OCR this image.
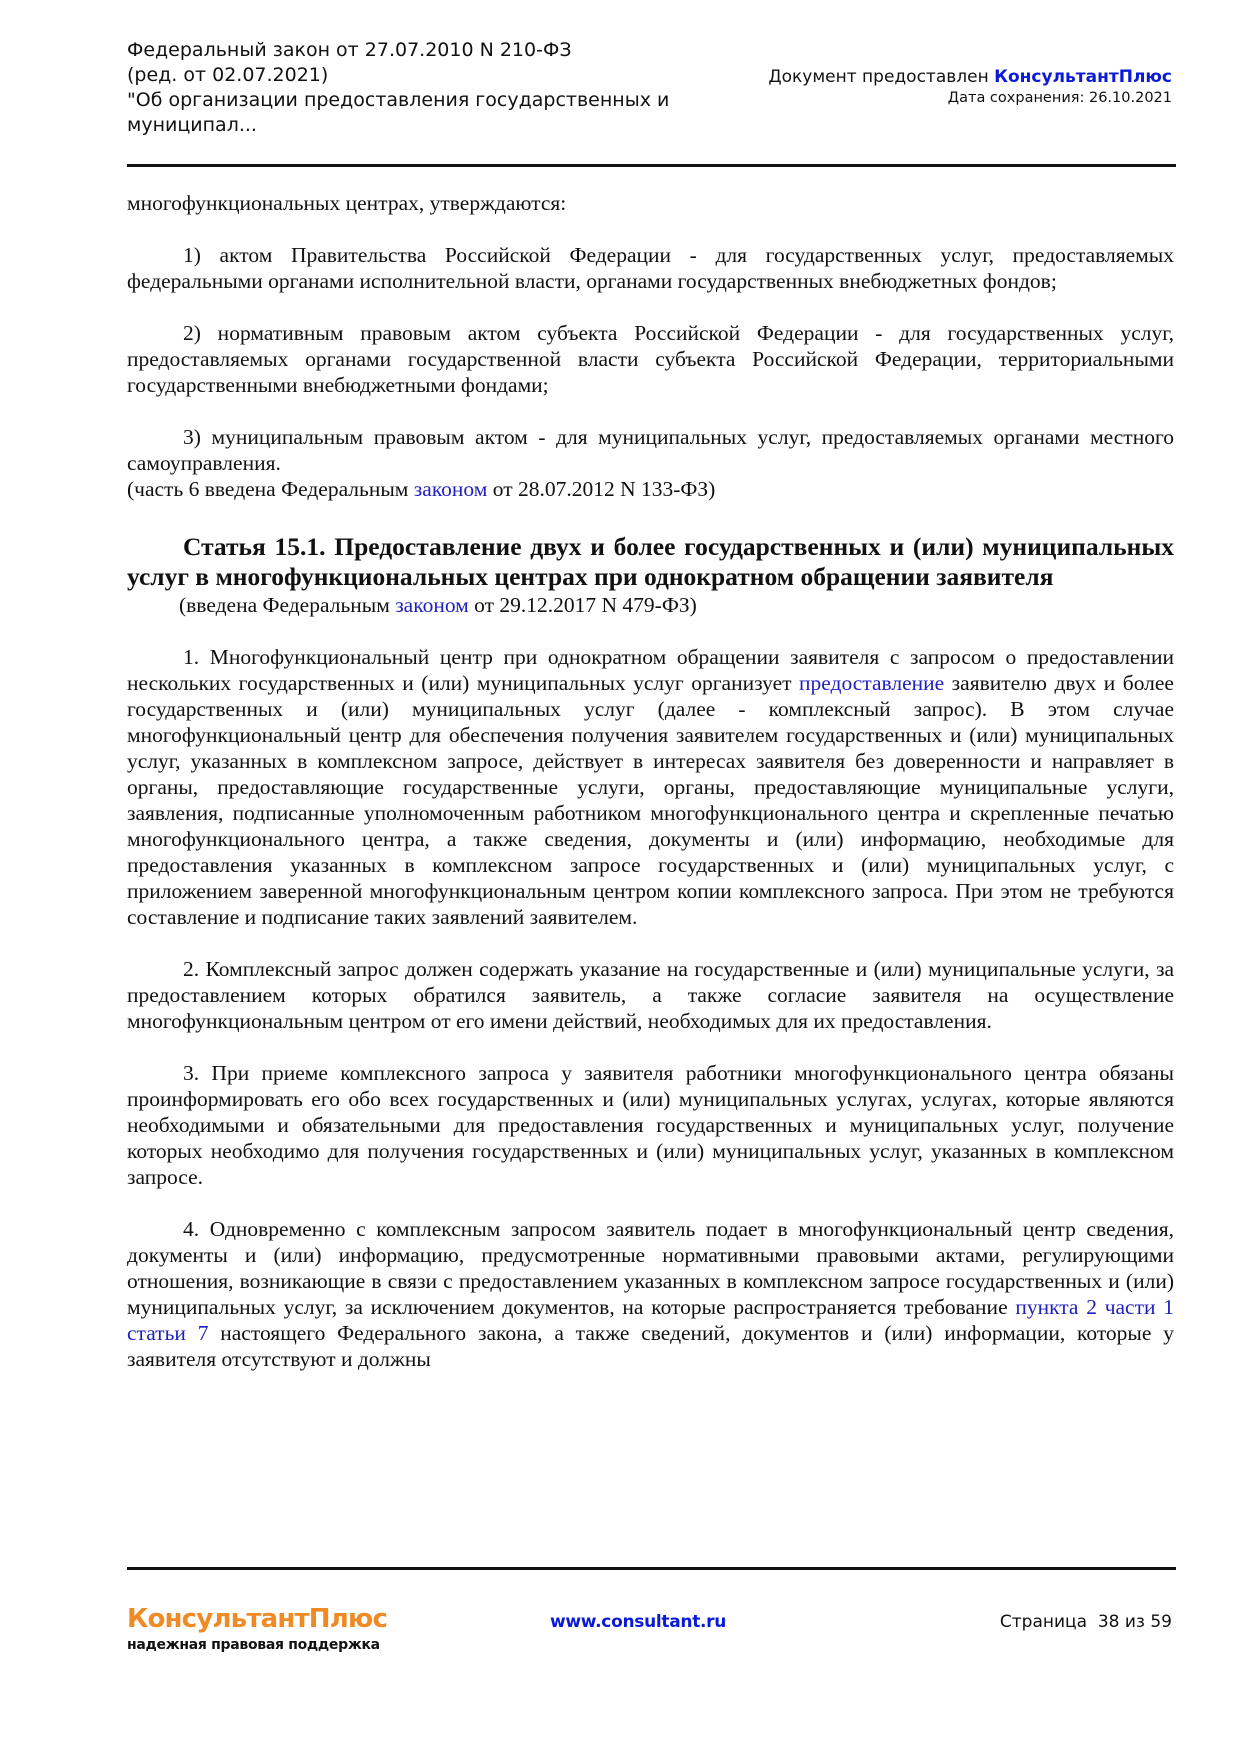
Федеральный закон от 27.07.2010 N 210-ФЗ
(ред. от 02.07.2021)
"Об организации предоставления государственных и
муниципал...
Документ предоставлен КонсультантПлюс
Дата сохранения: 26.10.2021

многофункциональных центрах, утверждаются:

1) актом Правительства Российской Федерации - для государственных услуг, предоставляемых федеральными органами исполнительной власти, органами государственных внебюджетных фондов;

2) нормативным правовым актом субъекта Российской Федерации - для государственных услуг, предоставляемых органами государственной власти субъекта Российской Федерации, территориальными государственными внебюджетными фондами;

3) муниципальным правовым актом - для муниципальных услуг, предоставляемых органами местного самоуправления.

(часть 6 введена Федеральным законом от 28.07.2012 N 133-ФЗ)

Статья 15.1. Предоставление двух и более государственных и (или) муниципальных услуг в многофункциональных центрах при однократном обращении заявителя

(введена Федеральным законом от 29.12.2017 N 479-ФЗ)

1. Многофункциональный центр при однократном обращении заявителя с запросом о предоставлении нескольких государственных и (или) муниципальных услуг организует предоставление заявителю двух и более государственных и (или) муниципальных услуг (далее - комплексный запрос). В этом случае многофункциональный центр для обеспечения получения заявителем государственных и (или) муниципальных услуг, указанных в комплексном запросе, действует в интересах заявителя без доверенности и направляет в органы, предоставляющие государственные услуги, органы, предоставляющие муниципальные услуги, заявления, подписанные уполномоченным работником многофункционального центра и скрепленные печатью многофункционального центра, а также сведения, документы и (или) информацию, необходимые для предоставления указанных в комплексном запросе государственных и (или) муниципальных услуг, с приложением заверенной многофункциональным центром копии комплексного запроса. При этом не требуются составление и подписание таких заявлений заявителем.

2. Комплексный запрос должен содержать указание на государственные и (или) муниципальные услуги, за предоставлением которых обратился заявитель, а также согласие заявителя на осуществление многофункциональным центром от его имени действий, необходимых для их предоставления.

3. При приеме комплексного запроса у заявителя работники многофункционального центра обязаны проинформировать его обо всех государственных и (или) муниципальных услугах, услугах, которые являются необходимыми и обязательными для предоставления государственных и муниципальных услуг, получение которых необходимо для получения государственных и (или) муниципальных услуг, указанных в комплексном запросе.

4. Одновременно с комплексным запросом заявитель подает в многофункциональный центр сведения, документы и (или) информацию, предусмотренные нормативными правовыми актами, регулирующими отношения, возникающие в связи с предоставлением указанных в комплексном запросе государственных и (или) муниципальных услуг, за исключением документов, на которые распространяется требование пункта 2 части 1 статьи 7 настоящего Федерального закона, а также сведений, документов и (или) информации, которые у заявителя отсутствуют и должны

КонсультантПлюс
надежная правовая поддержка
www.consultant.ru	Страница  38 из 59
